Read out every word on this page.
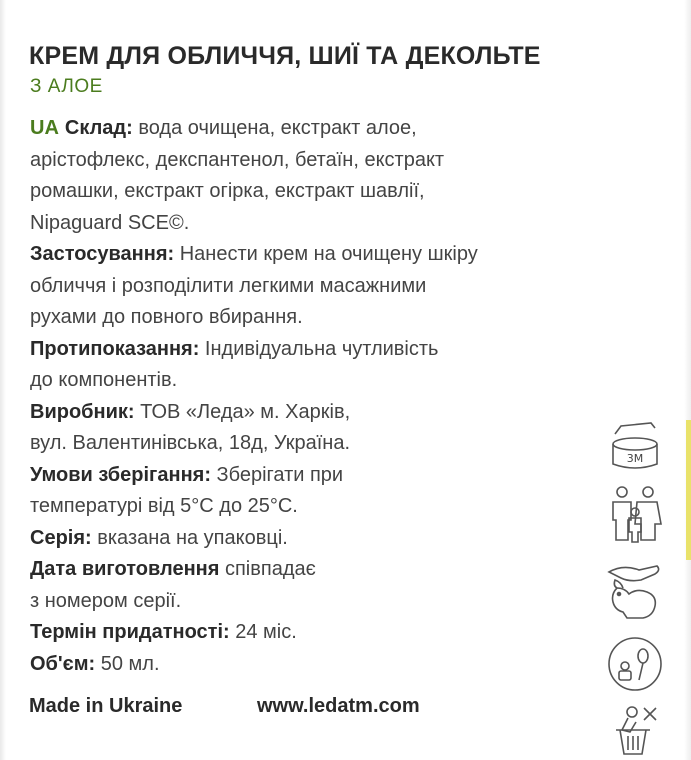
КРЕМ ДЛЯ ОБЛИЧЧЯ, ШИЇ ТА ДЕКОЛЬТЕ
З АЛОЕ

UA Склад: вода очищена, екстракт алое,

арістофлекс, декспантенол, бетаїн, екстракт

ромашки, екстракт огірка, екстракт шавлії,

Nipaguard SCE©.

Застосування: Нанести крем на очищену шкіру

обличчя і розподілити легкими масажними

рухами до повного вбирання.

Протипоказання: Індивідуальна чутливість

до компонентів.

Виробник: ТОВ «Леда» м. Харків,

вул. Валентинівська, 18д, Україна.

Умови зберігання: Зберігати при

температурі від 5°С до 25°С.

Серія: вказана на упаковці.

Дата виготовлення співпадає

з номером серії.

Термін придатності: 24 міс.

Об'єм: 50 мл.

Made in Ukraine	www.ledatm.com
3M
